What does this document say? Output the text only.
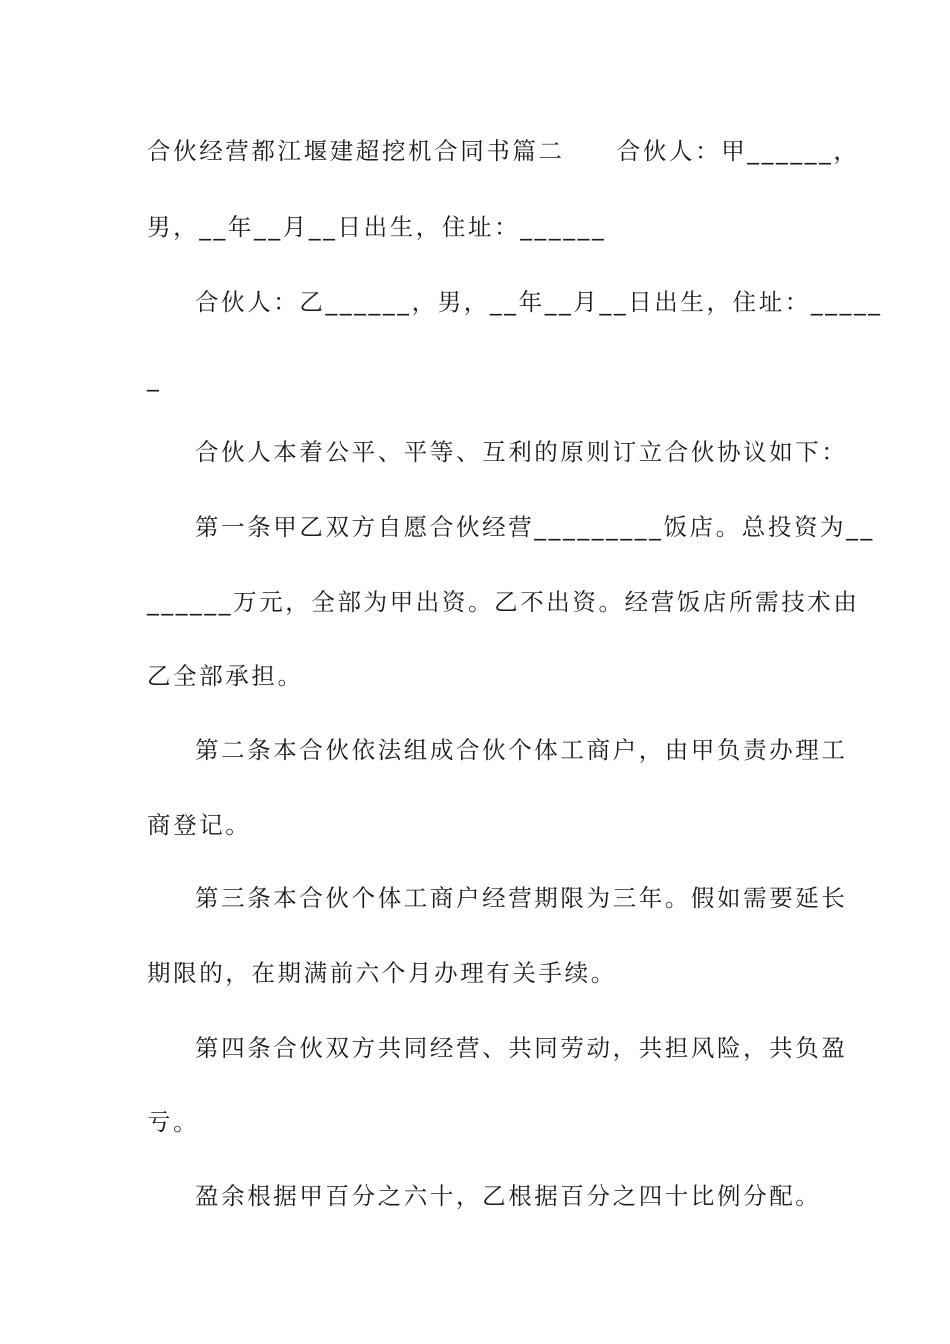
合伙经营都江堰建超挖机合同书篇二　　合伙人：甲______，
男，__年__月__日出生，住址：______
合伙人：乙______，男，__年__月__日出生，住址：_____
_
合伙人本着公平、平等、互利的原则订立合伙协议如下：
第一条甲乙双方自愿合伙经营_________饭店。总投资为__
______万元，全部为甲出资。乙不出资。经营饭店所需技术由
乙全部承担。
第二条本合伙依法组成合伙个体工商户，由甲负责办理工
商登记。
第三条本合伙个体工商户经营期限为三年。假如需要延长
期限的，在期满前六个月办理有关手续。
第四条合伙双方共同经营、共同劳动，共担风险，共负盈
亏。
盈余根据甲百分之六十，乙根据百分之四十比例分配。
